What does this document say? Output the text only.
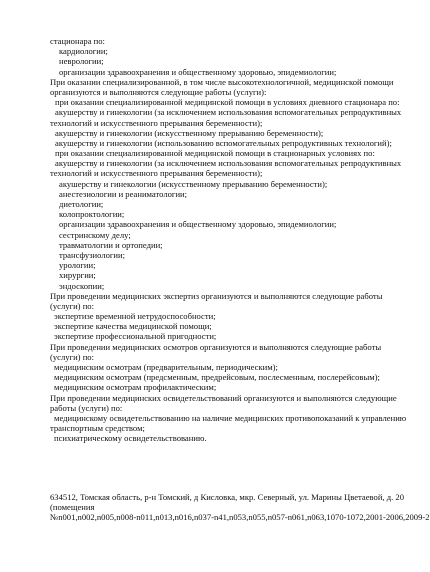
стационара по:
кардиологии;
неврологии;
организации здравоохранения и общественному здоровью, эпидемиологии;
При оказании специализированной, в том числе высокотехнологичной, медицинской помощи
организуются и выполняются следующие работы (услуги):
при оказании специализированной медицинской помощи в условиях дневного стационара по:
акушерству и гинекологии (за исключением использования вспомогательных репродуктивных
технологий и искусственного прерывания беременности);
акушерству и гинекологии (искусственному прерыванию беременности);
акушерству и гинекологии (использованию вспомогательных репродуктивных технологий);
при оказании специализированной медицинской помощи в стационарных условиях по:
акушерству и гинекологии (за исключением использования вспомогательных репродуктивных
технологий и искусственного прерывания беременности);
акушерству и гинекологии (искусственному прерыванию беременности);
анестезиологии и реаниматологии;
диетологии;
колопроктологии;
организации здравоохранения и общественному здоровью, эпидемиологии;
сестринскому делу;
травматологии и ортопедии;
трансфузиологии;
урологии;
хирургии;
эндоскопии;
При проведении медицинских экспертиз организуются и выполняются следующие работы
(услуги) по:
экспертизе временной нетрудоспособности;
экспертизе качества медицинской помощи;
экспертизе профессиональной пригодности;
При проведении медицинских осмотров организуются и выполняются следующие работы
(услуги) по:
медицинским осмотрам (предварительным, периодическим);
медицинским осмотрам (предсменным, предрейсовым, послесменным, послерейсовым);
медицинским осмотрам профилактическим;
При проведении медицинских освидетельствований организуются и выполняются следующие
работы (услуги) по:
медицинскому освидетельствованию на наличие медицинских противопоказаний к управлению
транспортным средством;
психиатрическому освидетельствованию.
634512, Томская область, р-н Томский, д Кисловка, мкр. Северный, ул. Марины Цветаевой, д. 20
(помещения
№n001,n002,n005,n008-n011,n013,n016,n037-n41,n053,n055,n057-n061,n063,1070-1072,2001-2006,2009-2
